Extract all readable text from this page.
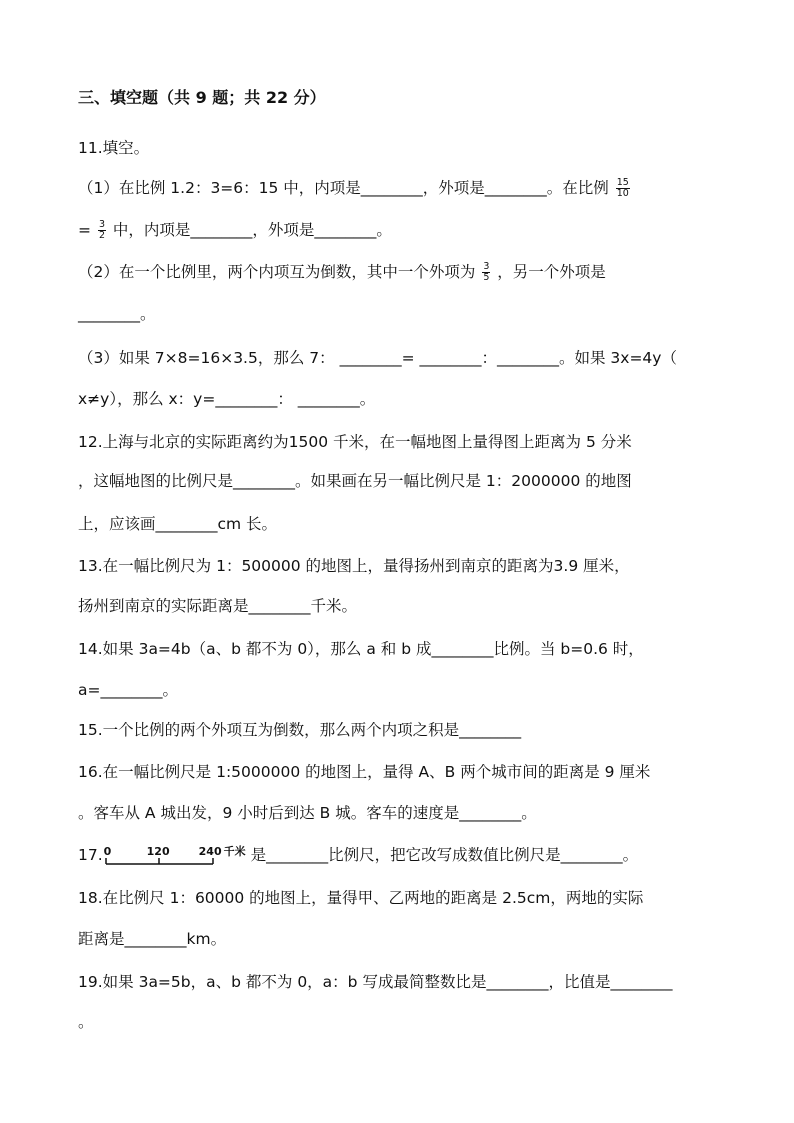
三、填空题（共 9 题；共 22 分）
11.填空。
（1）在比例 1.2：3=6：15 中，内项是________，外项是________。在比例 $\frac{15}{10}$
= $\frac{3}{2}$ 中，内项是________，外项是________。
（2）在一个比例里，两个内项互为倒数，其中一个外项为 $\frac{3}{5}$ ，另一个外项是
________。
（3）如果 7×8=16×3.5，那么 7： ________= ________：________。如果 3x=4y（
x≠y），那么 x：y=________： ________。
12.上海与北京的实际距离约为1500 千米，在一幅地图上量得图上距离为 5 分米
，这幅地图的比例尺是________。如果画在另一幅比例尺是 1：2000000 的地图
上，应该画________cm 长。
13.在一幅比例尺为 1：500000 的地图上，量得扬州到南京的距离为3.9 厘米，
扬州到南京的实际距离是________千米。
14.如果 3a=4b（a、b 都不为 0），那么 a 和 b 成________比例。当 b=0.6 时，
a=________。
15.一个比例的两个外项互为倒数，那么两个内项之积是________
16.在一幅比例尺是 1:5000000 的地图上，量得 A、B 两个城市间的距离是 9 厘米
。客车从 A 城出发，9 小时后到达 B 城。客车的速度是________。
17. 0	120	240 千米 是________比例尺，把它改写成数值比例尺是________。
18.在比例尺 1：60000 的地图上，量得甲、乙两地的距离是 2.5cm，两地的实际
距离是________km。
19.如果 3a=5b，a、b 都不为 0，a：b 写成最简整数比是________，比值是________
。
